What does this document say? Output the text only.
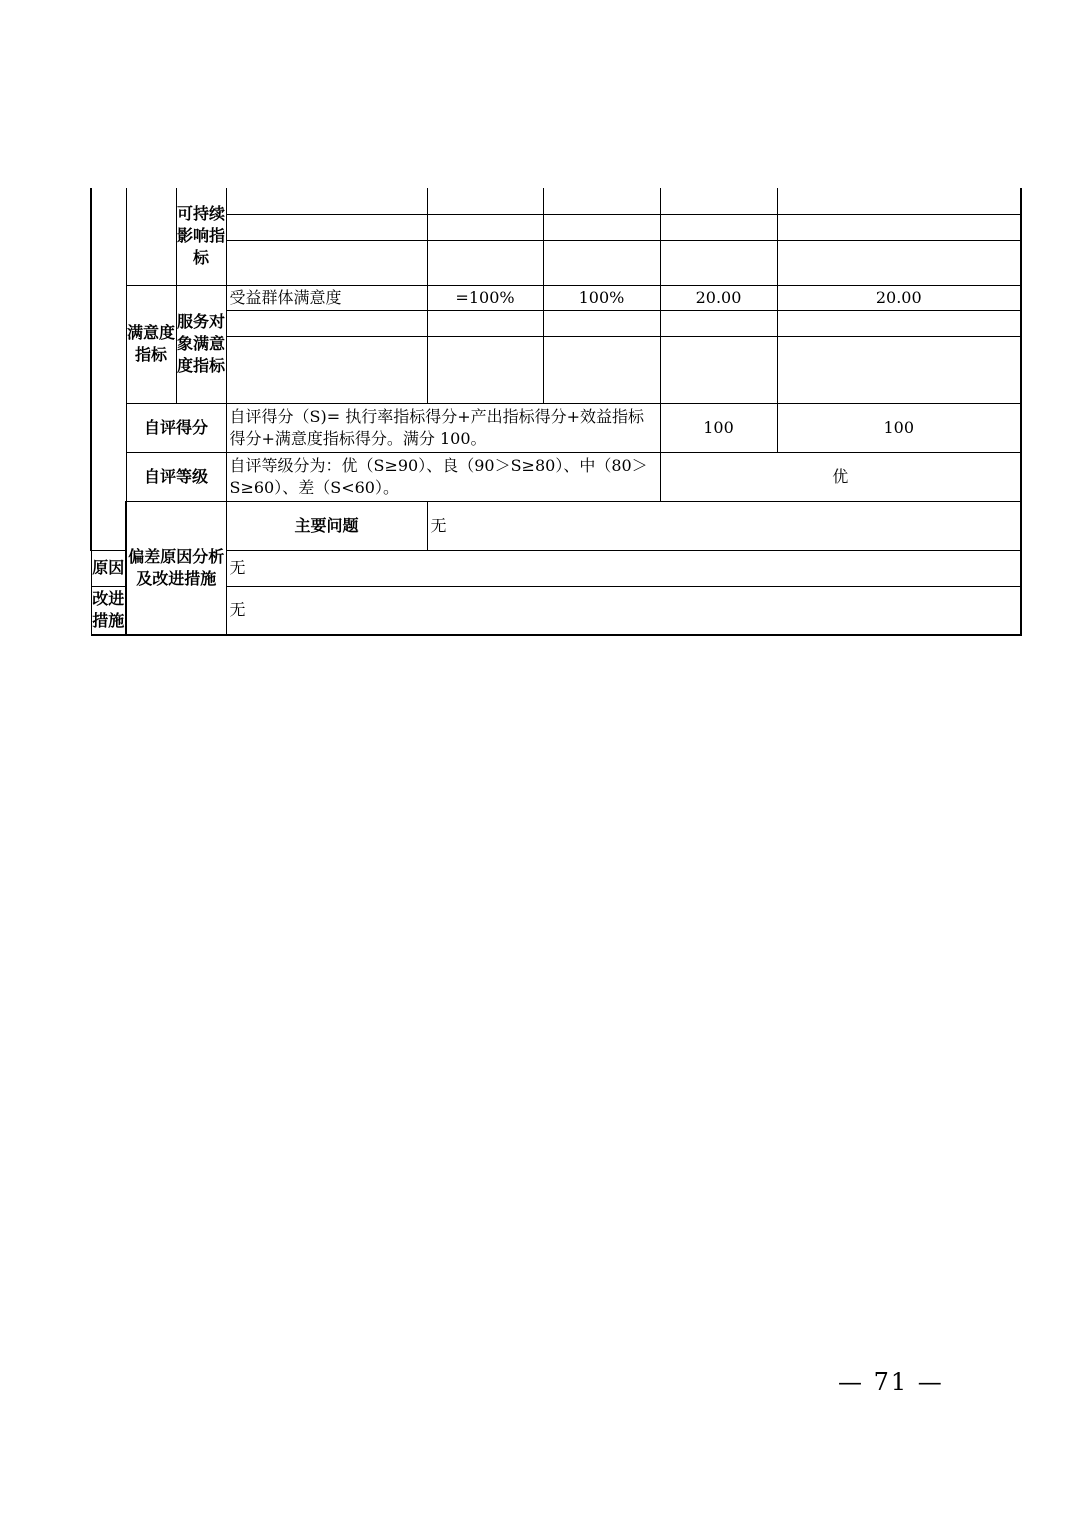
		可持续影响指标					

	满意度指标	服务对象满意度指标	受益群体满意度	=100%	100%	20.00	20.00

	自评得分		自评得分（S)= 执行率指标得分+产出指标得分+效益指标得分+满意度指标得分。满分 100。			100	100
	自评等级		自评等级分为：优（S≥90）、良（90＞S≥80）、中（80＞S≥60）、差（S<60）。			优	
	偏差原因分析及改进措施		主要问题	无			
原因			无				
改进措施			无				
— 71 —
